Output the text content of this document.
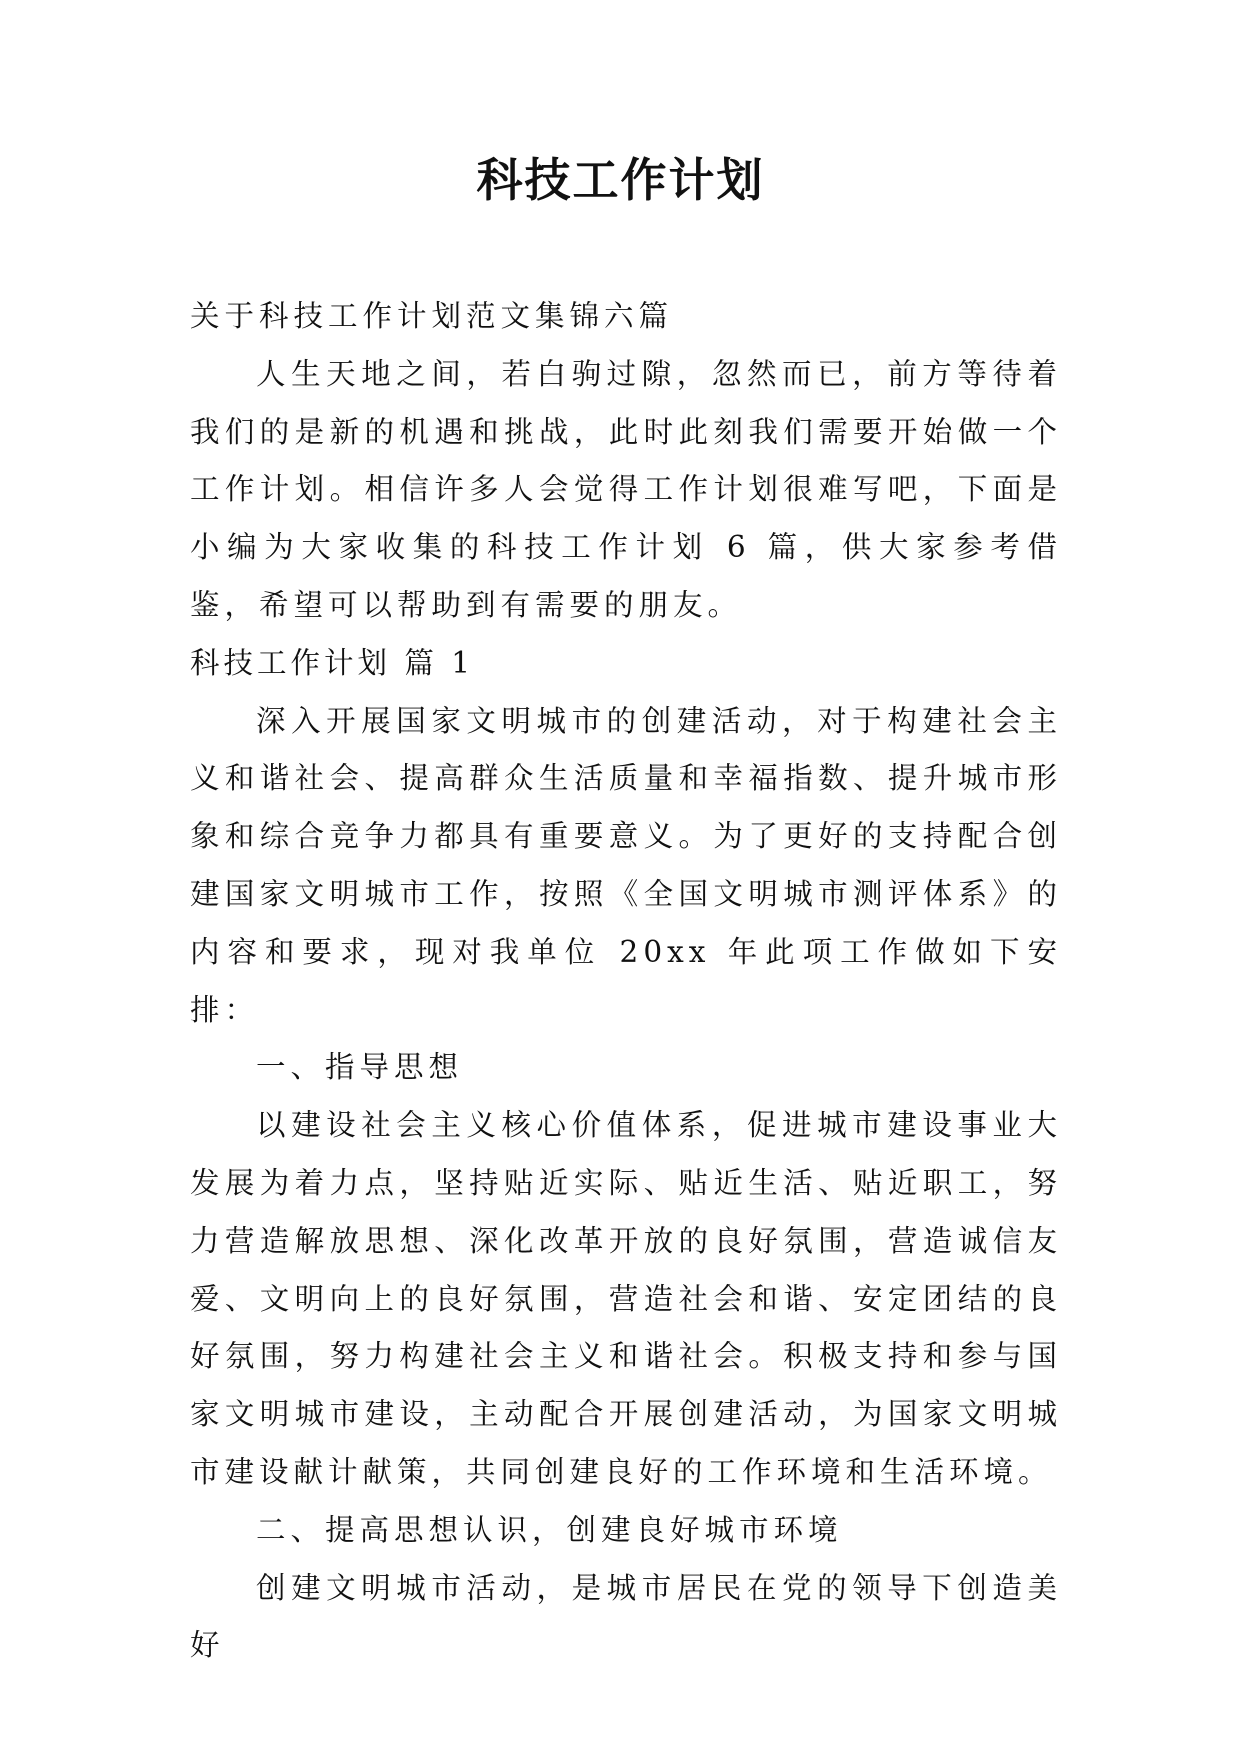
科技工作计划

关于科技工作计划范文集锦六篇

人生天地之间，若白驹过隙，忽然而已，前方等待着我们的是新的机遇和挑战，此时此刻我们需要开始做一个工作计划。相信许多人会觉得工作计划很难写吧，下面是小编为大家收集的科技工作计划 6 篇，供大家参考借鉴，希望可以帮助到有需要的朋友。

科技工作计划 篇 1

深入开展国家文明城市的创建活动，对于构建社会主义和谐社会、提高群众生活质量和幸福指数、提升城市形象和综合竞争力都具有重要意义。为了更好的支持配合创建国家文明城市工作，按照《全国文明城市测评体系》的内容和要求，现对我单位 20xx 年此项工作做如下安排：

一、指导思想

以建设社会主义核心价值体系，促进城市建设事业大发展为着力点，坚持贴近实际、贴近生活、贴近职工，努力营造解放思想、深化改革开放的良好氛围，营造诚信友爱、文明向上的良好氛围，营造社会和谐、安定团结的良好氛围，努力构建社会主义和谐社会。积极支持和参与国家文明城市建设，主动配合开展创建活动，为国家文明城市建设献计献策，共同创建良好的工作环境和生活环境。

二、提高思想认识，创建良好城市环境

创建文明城市活动，是城市居民在党的领导下创造美好
